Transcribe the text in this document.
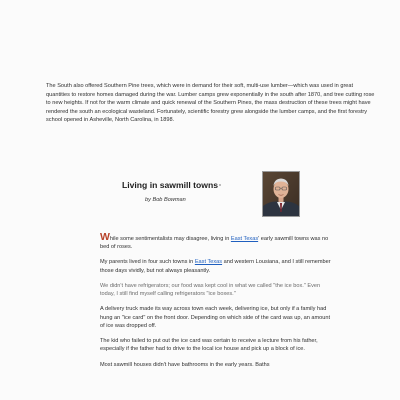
The South also offered Southern Pine trees, which were in demand for their soft, multi-use lumber—which was used in great quantities to restore homes damaged during the war. Lumber camps grew exponentially in the south after 1870, and tree cutting rose to new heights. If not for the warm climate and quick renewal of the Southern Pines, the mass destruction of these trees might have rendered the south an ecological wasteland. Fortunately, scientific forestry grew alongside the lumber camps, and the first forestry school opened in Asheville, North Carolina, in 1898.

Living in sawmill towns

by Bob Bowman

While some sentimentalists may disagree, living in East Texas' early sawmill towns was no bed of roses.

My parents lived in four such towns in East Texas and western Lousiana, and I still remember those days vividly, but not always pleasantly.

We didn't have refrigerators; our food was kept cool in what we called "the ice box." Even today, I still find myself calling refrigerators "ice boxes."

A delivery truck made its way across town each week, delivering ice, but only if a family had hung an "ice card" on the front door. Depending on which side of the card was up, an amount of ice was dropped off.

The kid who failed to put out the ice card was certain to receive a lecture from his father, especially if the father had to drive to the local ice house and pick up a block of ice.

Most sawmill houses didn't have bathrooms in the early years. Baths
